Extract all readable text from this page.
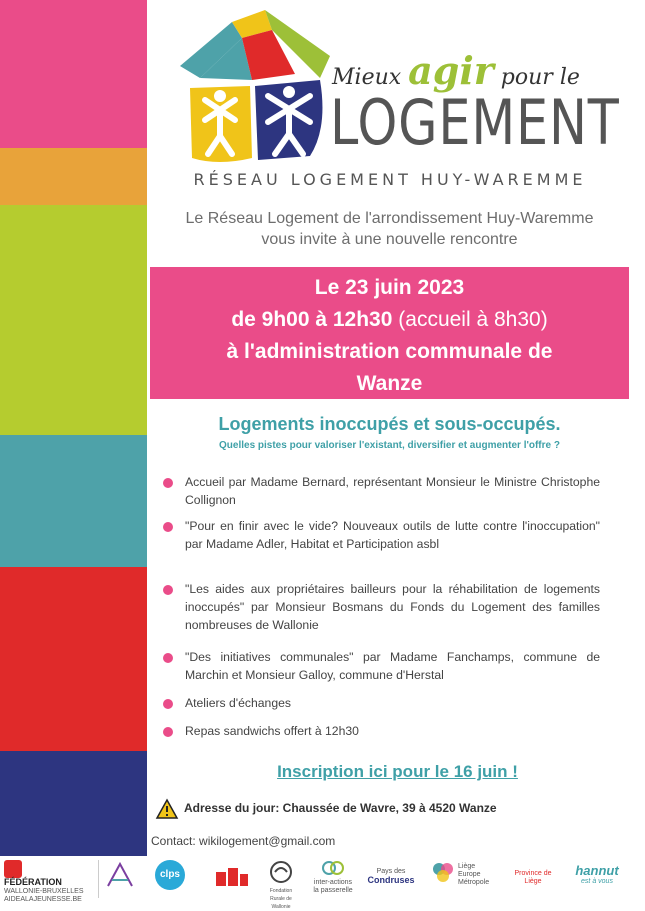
Mieux agir pour le
LOGEMENT
RÉSEAU LOGEMENT HUY-WAREMME
Le Réseau Logement de l'arrondissement Huy-Waremme
vous invite à une nouvelle rencontre
Le 23 juin 2023
de 9h00 à 12h30 (accueil à 8h30)
à l'administration communale de
Wanze
Logements inoccupés et sous-occupés.
Quelles pistes pour valoriser l'existant, diversifier et augmenter l'offre ?
Accueil par Madame Bernard, représentant Monsieur le Ministre Christophe Collignon
"Pour en finir avec le vide? Nouveaux outils de lutte contre l'inoccupation" par Madame Adler, Habitat et Participation asbl
"Les aides aux propriétaires bailleurs pour la réhabilitation de logements inoccupés" par Monsieur Bosmans du Fonds du Logement des familles nombreuses de Wallonie
"Des initiatives communales" par Madame Fanchamps, commune de Marchin et Monsieur Galloy, commune d'Herstal
Ateliers d'échanges
Repas sandwichs offert à 12h30
Inscription ici pour le 16 juin !
Adresse du jour: Chaussée de Wavre, 39 à 4520 Wanze
Contact: wikilogement@gmail.com
FÉDÉRATION
WALLONIE-BRUXELLES
AIDEALAJEUNESSE.BE
clps
Fondation Rurale de Wallonie
inter-actions
la passerelle
Pays des
Condruses
Liège Europe Métropole
Province de Liège
hannut
est à vous
